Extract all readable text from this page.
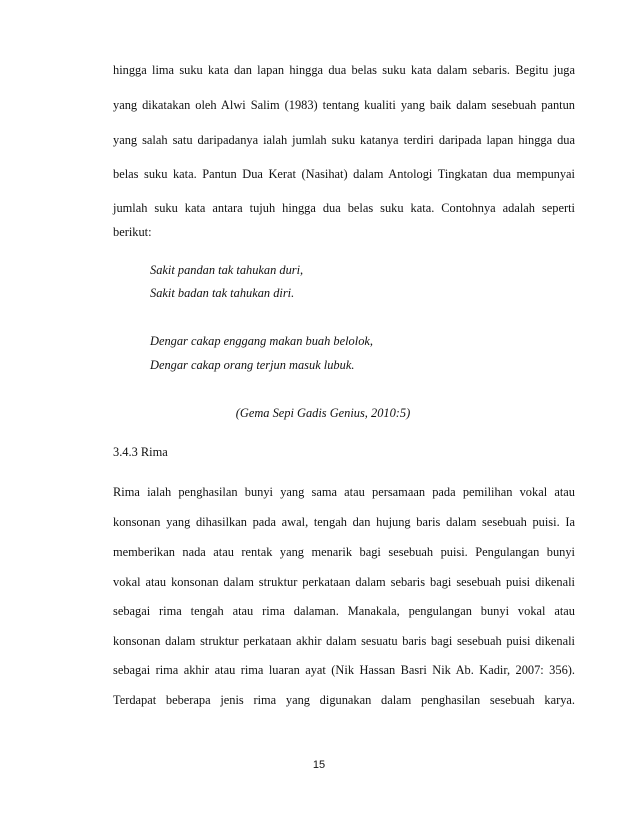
hingga lima suku kata dan lapan hingga dua belas suku kata dalam sebaris. Begitu juga
yang dikatakan oleh Alwi Salim (1983) tentang kualiti yang baik dalam sesebuah pantun
yang salah satu daripadanya ialah jumlah suku katanya terdiri daripada lapan hingga dua
belas suku kata. Pantun Dua Kerat (Nasihat) dalam Antologi Tingkatan dua mempunyai
jumlah suku kata antara tujuh hingga dua belas suku kata. Contohnya adalah seperti
berikut:
Sakit pandan tak tahukan duri,
Sakit badan tak tahukan diri.
Dengar cakap enggang makan buah belolok,
Dengar cakap orang terjun masuk lubuk.
(Gema Sepi Gadis Genius, 2010:5)
3.4.3 Rima
Rima ialah penghasilan bunyi yang sama atau persamaan pada pemilihan vokal atau
konsonan yang dihasilkan pada awal, tengah dan hujung baris dalam sesebuah puisi. Ia
memberikan nada atau rentak yang menarik bagi sesebuah puisi. Pengulangan bunyi
vokal atau konsonan dalam struktur perkataan dalam sebaris bagi sesebuah puisi dikenali
sebagai rima tengah atau rima dalaman. Manakala, pengulangan bunyi vokal atau
konsonan dalam struktur perkataan akhir dalam sesuatu baris bagi sesebuah puisi dikenali
sebagai rima akhir atau rima luaran ayat (Nik Hassan Basri Nik Ab. Kadir, 2007: 356).
Terdapat beberapa jenis rima yang digunakan dalam penghasilan sesebuah karya.
15
